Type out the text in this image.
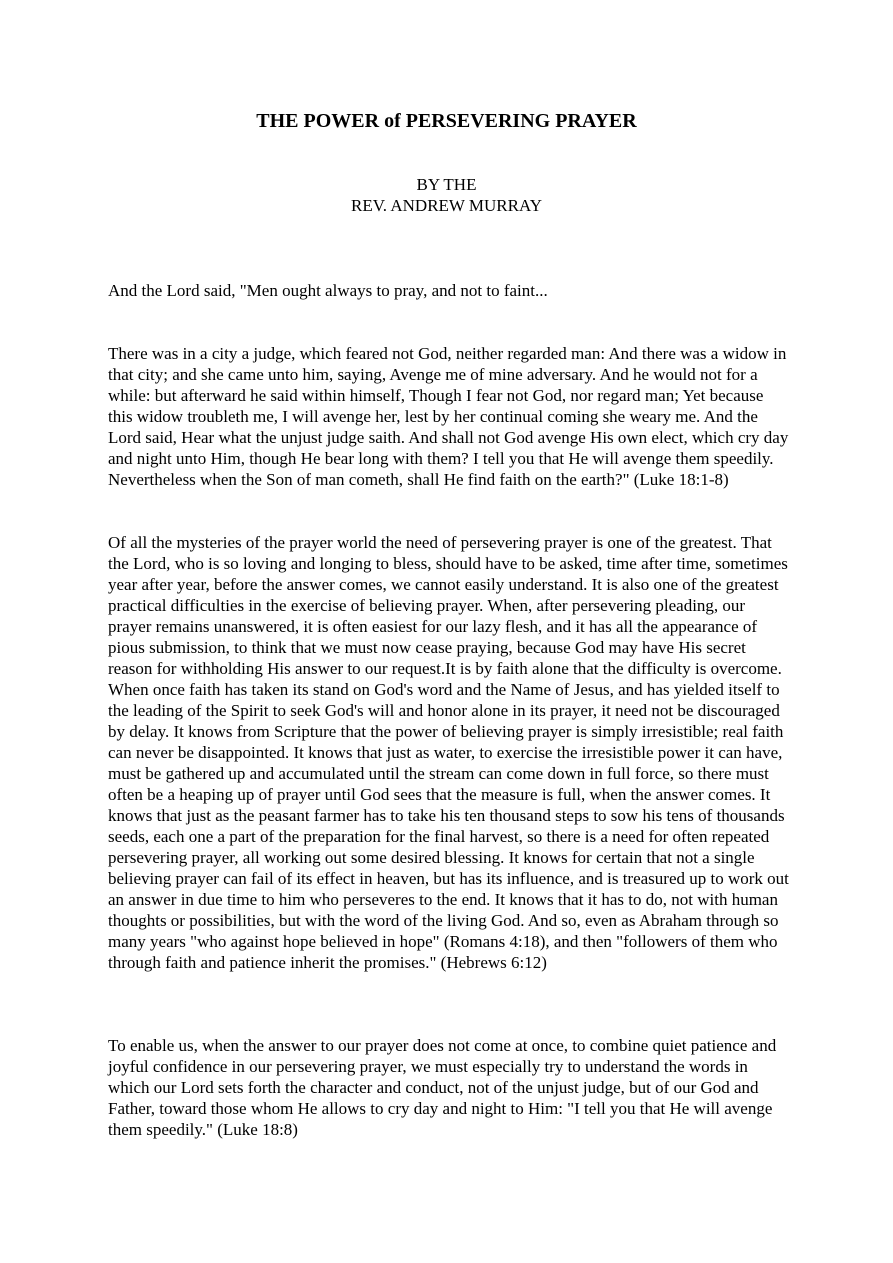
THE POWER of PERSEVERING PRAYER
BY THE
REV. ANDREW MURRAY

And the Lord said, "Men ought always to pray, and not to faint...

There was in a city a judge, which feared not God, neither regarded man: And there was a widow in that city; and she came unto him, saying, Avenge me of mine adversary. And he would not for a while: but afterward he said within himself, Though I fear not God, nor regard man; Yet because this widow troubleth me, I will avenge her, lest by her continual coming she weary me. And the Lord said, Hear what the unjust judge saith. And shall not God avenge His own elect, which cry day and night unto Him, though He bear long with them? I tell you that He will avenge them speedily. Nevertheless when the Son of man cometh, shall He find faith on the earth?" (Luke 18:1-8)

Of all the mysteries of the prayer world the need of persevering prayer is one of the greatest. That the Lord, who is so loving and longing to bless, should have to be asked, time after time, sometimes year after year, before the answer comes, we cannot easily understand. It is also one of the greatest practical difficulties in the exercise of believing prayer. When, after persevering pleading, our prayer remains unanswered, it is often easiest for our lazy flesh, and it has all the appearance of pious submission, to think that we must now cease praying, because God may have His secret reason for withholding His answer to our request.It is by faith alone that the difficulty is overcome. When once faith has taken its stand on God's word and the Name of Jesus, and has yielded itself to the leading of the Spirit to seek God's will and honor alone in its prayer, it need not be discouraged by delay. It knows from Scripture that the power of believing prayer is simply irresistible; real faith can never be disappointed. It knows that just as water, to exercise the irresistible power it can have, must be gathered up and accumulated until the stream can come down in full force, so there must often be a heaping up of prayer until God sees that the measure is full, when the answer comes. It knows that just as the peasant farmer has to take his ten thousand steps to sow his tens of thousands seeds, each one a part of the preparation for the final harvest, so there is a need for often repeated persevering prayer, all working out some desired blessing. It knows for certain that not a single believing prayer can fail of its effect in heaven, but has its influence, and is treasured up to work out an answer in due time to him who perseveres to the end. It knows that it has to do, not with human thoughts or possibilities, but with the word of the living God. And so, even as Abraham through so many years "who against hope believed in hope" (Romans 4:18), and then "followers of them who through faith and patience inherit the promises." (Hebrews 6:12)

To enable us, when the answer to our prayer does not come at once, to combine quiet patience and joyful confidence in our persevering prayer, we must especially try to understand the words in which our Lord sets forth the character and conduct, not of the unjust judge, but of our God and Father, toward those whom He allows to cry day and night to Him: "I tell you that He will avenge them speedily." (Luke 18:8)
